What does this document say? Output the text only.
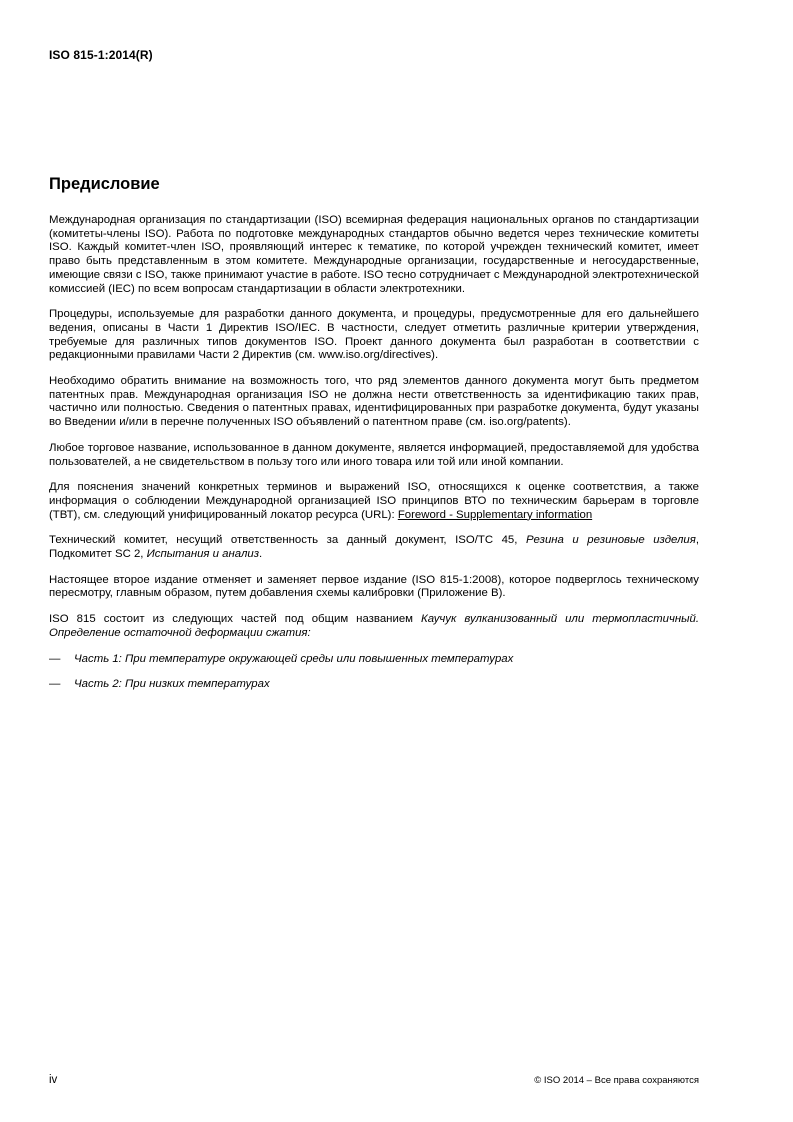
ISO 815-1:2014(R)
Предисловие

Международная организация по стандартизации (ISO) всемирная федерация национальных органов по стандартизации (комитеты-члены ISO). Работа по подготовке международных стандартов обычно ведется через технические комитеты ISO. Каждый комитет-член ISO, проявляющий интерес к тематике, по которой учрежден технический комитет, имеет право быть представленным в этом комитете. Международные организации, государственные и негосударственные, имеющие связи с ISO, также принимают участие в работе. ISO тесно сотрудничает с Международной электротехнической комиссией (IEC) по всем вопросам стандартизации в области электротехники.

Процедуры, используемые для разработки данного документа, и процедуры, предусмотренные для его дальнейшего ведения, описаны в Части 1 Директив ISO/IEC. В частности, следует отметить различные критерии утверждения, требуемые для различных типов документов ISO. Проект данного документа был разработан в соответствии с редакционными правилами Части 2 Директив (см. www.iso.org/directives).

Необходимо обратить внимание на возможность того, что ряд элементов данного документа могут быть предметом патентных прав. Международная организация ISO не должна нести ответственность за идентификацию таких прав, частично или полностью. Сведения о патентных правах, идентифицированных при разработке документа, будут указаны во Введении и/или в перечне полученных ISO объявлений о патентном праве (см. iso.org/patents).

Любое торговое название, использованное в данном документе, является информацией, предоставляемой для удобства пользователей, а не свидетельством в пользу того или иного товара или той или иной компании.

Для пояснения значений конкретных терминов и выражений ISO, относящихся к оценке соответствия, а также информация о соблюдении Международной организацией ISO принципов ВТО по техническим барьерам в торговле (ТВТ), см. следующий унифицированный локатор ресурса (URL): Foreword - Supplementary information

Технический комитет, несущий ответственность за данный документ, ISO/TC 45, Резина и резиновые изделия, Подкомитет SC 2, Испытания и анализ.

Настоящее второе издание отменяет и заменяет первое издание (ISO 815-1:2008), которое подверглось техническому пересмотру, главным образом, путем добавления схемы калибровки (Приложение B).

ISO 815 состоит из следующих частей под общим названием Каучук вулканизованный или термопластичный. Определение остаточной деформации сжатия:

—	Часть 1: При температуре окружающей среды или повышенных температурах
—	Часть 2: При низких температурах
iv	© ISO 2014 – Все права сохраняются
